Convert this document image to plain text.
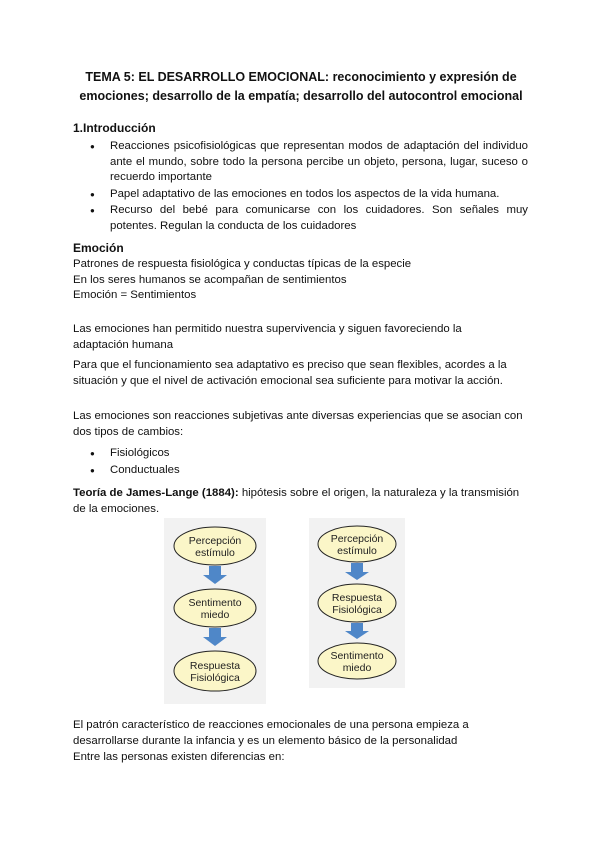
TEMA 5: EL DESARROLLO EMOCIONAL: reconocimiento y expresión de emociones; desarrollo de la empatía; desarrollo del autocontrol emocional
1.Introducción
● Reacciones psicofisiológicas que representan modos de adaptación del individuo ante el mundo, sobre todo la persona percibe un objeto, persona, lugar, suceso o recuerdo importante
● Papel adaptativo de las emociones en todos los aspectos de la vida humana.
● Recurso del bebé para comunicarse con los cuidadores. Son señales muy potentes. Regulan la conducta de los cuidadores
Emoción
Patrones de respuesta fisiológica y conductas típicas de la especie
En los seres humanos se acompañan de sentimientos
Emoción = Sentimientos
Las emociones han permitido nuestra supervivencia y siguen favoreciendo la adaptación humana
Para que el funcionamiento sea adaptativo es preciso que sean flexibles, acordes a la situación y que el nivel de activación emocional sea suficiente para motivar la acción.
Las emociones son reacciones subjetivas ante diversas experiencias que se asocian con dos tipos de cambios:
● Fisiológicos
● Conductuales
Teoría de James-Lange (1884): hipótesis sobre el origen, la naturaleza y la transmisión de la emociones.
Percepción
estímulo
Sentimento
miedo
Respuesta
Fisiológica
Percepción
estímulo
Respuesta
Fisiológica
Sentimento
miedo
El patrón característico de reacciones emocionales de una persona empieza a desarrollarse durante la infancia y es un elemento básico de la personalidad
Entre las personas existen diferencias en:
